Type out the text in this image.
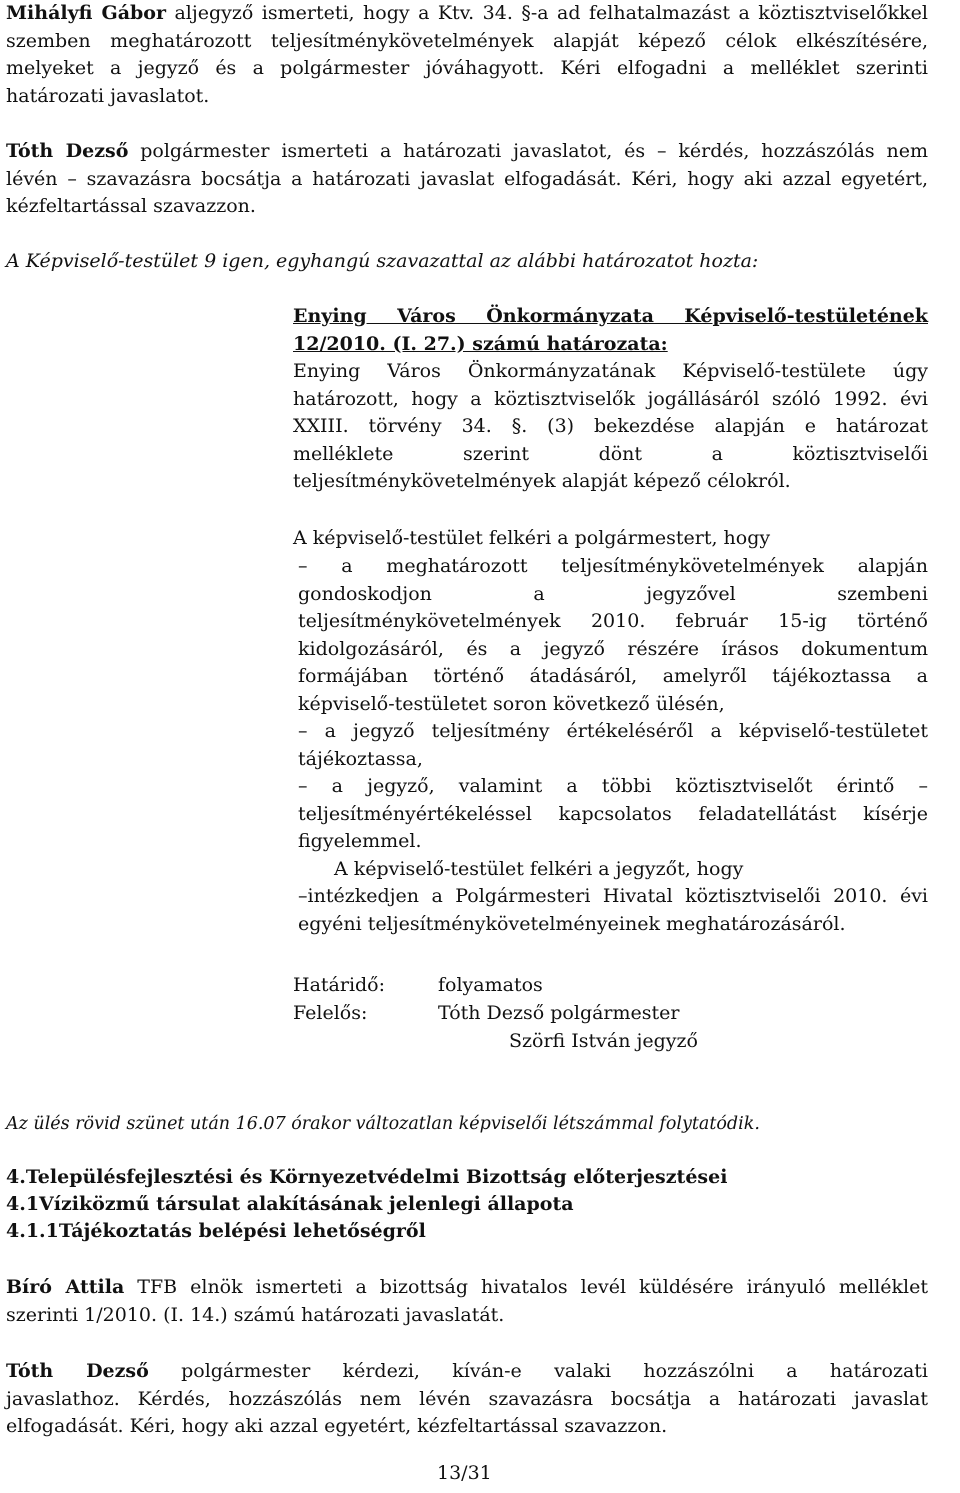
Mihályfi Gábor aljegyző ismerteti, hogy a Ktv. 34. §-a ad felhatalmazást a köztisztviselőkkel
szemben meghatározott teljesítménykövetelmények alapját képező célok elkészítésére,
melyeket a jegyző és a polgármester jóváhagyott. Kéri elfogadni a melléklet szerinti
határozati javaslatot.
Tóth Dezső polgármester ismerteti a határozati javaslatot, és – kérdés, hozzászólás nem
lévén – szavazásra bocsátja a határozati javaslat elfogadását. Kéri, hogy aki azzal egyetért,
kézfeltartással szavazzon.
A Képviselő-testület 9 igen, egyhangú szavazattal az alábbi határozatot hozta:
Enying Város Önkormányzata Képviselő-testületének
12/2010. (I. 27.) számú határozata:
Enying Város Önkormányzatának Képviselő-testülete úgy
határozott, hogy a köztisztviselők jogállásáról szóló 1992. évi
XXIII. törvény 34. §. (3) bekezdése alapján e határozat
melléklete szerint dönt a köztisztviselői
teljesítménykövetelmények alapját képező célokról.
A képviselő-testület felkéri a polgármestert, hogy
– a meghatározott teljesítménykövetelmények alapján
gondoskodjon a jegyzővel szembeni
teljesítménykövetelmények 2010. február 15-ig történő
kidolgozásáról, és a jegyző részére írásos dokumentum
formájában történő átadásáról, amelyről tájékoztassa a
képviselő-testületet soron következő ülésén,
– a jegyző teljesítmény értékeléséről a képviselő-testületet
tájékoztassa,
– a jegyző, valamint a többi köztisztviselőt érintő –
teljesítményértékeléssel kapcsolatos feladatellátást kísérje
figyelemmel.
A képviselő-testület felkéri a jegyzőt, hogy
–intézkedjen a Polgármesteri Hivatal köztisztviselői 2010. évi
egyéni teljesítménykövetelményeinek meghatározásáról.
Határidő:	folyamatos
Felelős:	Tóth Dezső polgármester
Szörfi István jegyző
Az ülés rövid szünet után 16.07 órakor változatlan képviselői létszámmal folytatódik.
4.Településfejlesztési és Környezetvédelmi Bizottság előterjesztései
4.1Víziközmű társulat alakításának jelenlegi állapota
4.1.1Tájékoztatás belépési lehetőségről
Bíró Attila TFB elnök ismerteti a bizottság hivatalos levél küldésére irányuló melléklet
szerinti 1/2010. (I. 14.) számú határozati javaslatát.
Tóth Dezső polgármester kérdezi, kíván-e valaki hozzászólni a határozati
javaslathoz. Kérdés, hozzászólás nem lévén szavazásra bocsátja a határozati javaslat
elfogadását. Kéri, hogy aki azzal egyetért, kézfeltartással szavazzon.
13/31
